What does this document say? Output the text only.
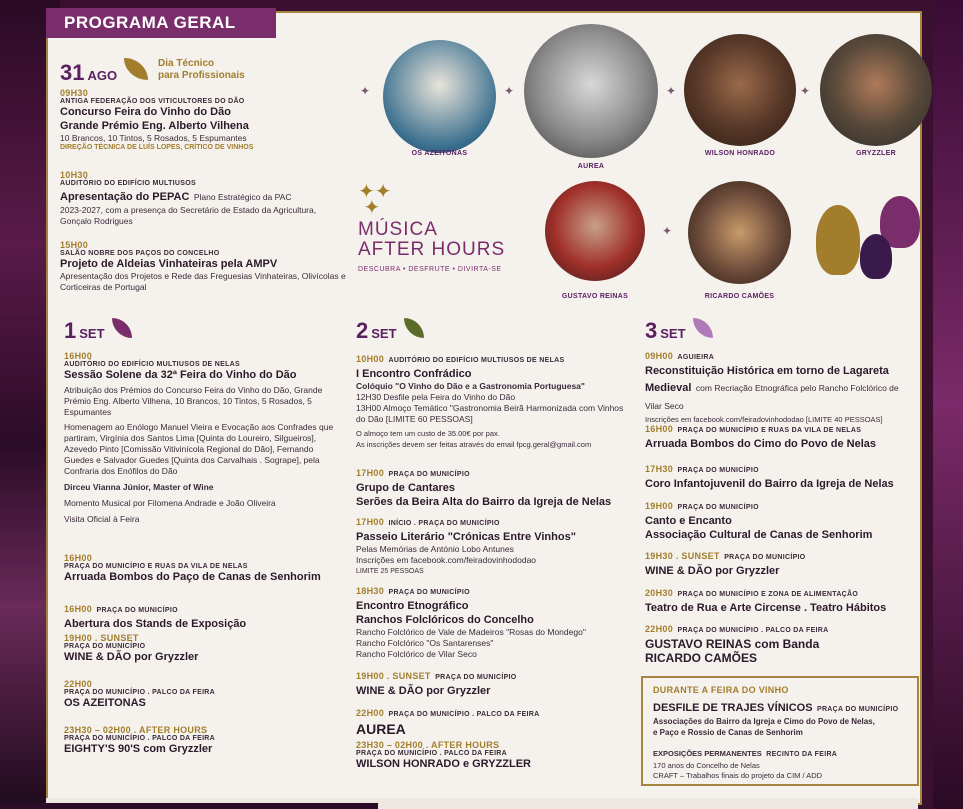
PROGRAMA GERAL
31 AGO
Dia Técnico
para Profissionais
09H30
ANTIGA FEDERAÇÃO DOS VITICULTORES DO DÃO
Concurso Feira do Vinho do Dão
Grande Prémio Eng. Alberto Vilhena
10 Brancos, 10 Tintos, 5 Rosados, 5 Espumantes
DIREÇÃO TÉCNICA DE LUÍS LOPES, CRÍTICO DE VINHOS
10H30
AUDITÓRIO DO EDIFÍCIO MULTIUSOS
Apresentação do PEPAC Plano Estratégico da PAC
2023-2027, com a presença do Secretário de Estado da Agricultura, Gonçalo Rodrigues
15H00
SALÃO NOBRE DOS PAÇOS DO CONCELHO
Projeto de Aldeias Vinhateiras pela AMPV
Apresentação dos Projetos e Rede das Freguesias Vinhateiras, Olivícolas e Corticeiras de Portugal
✦
OS AZEITONAS
✦
AUREA
✦
WILSON HONRADO
✦
GRYZZLER
✦✦
✦
MÚSICA
AFTER HOURS
DESCUBRA • DESFRUTE • DIVIRTA-SE
GUSTAVO REINAS
✦
RICARDO CAMÕES
1 SET
16H00
AUDITÓRIO DO EDIFÍCIO MULTIUSOS DE NELAS
Sessão Solene da 32ª Feira do Vinho do Dão
Atribuição dos Prémios do Concurso Feira do Vinho do Dão, Grande Prémio Eng. Alberto Vilhena, 10 Brancos, 10 Tintos, 5 Rosados, 5 Espumantes
Homenagem ao Enólogo Manuel Vieira e Evocação aos Confrades que partiram, Virgínia dos Santos Lima [Quinta do Loureiro, Silgueiros], Azevedo Pinto [Comissão Vitivinícola Regional do Dão], Fernando Guedes e Salvador Guedes [Quinta dos Carvalhais . Sogrape], pela Confraria dos Enófilos do Dão
Dirceu Vianna Júnior, Master of Wine
Momento Musical por Filomena Andrade e João Oliveira
Visita Oficial à Feira
16H00
PRAÇA DO MUNICÍPIO E RUAS DA VILA DE NELAS
Arruada Bombos do Paço de Canas de Senhorim
16H00 PRAÇA DO MUNICÍPIO
Abertura dos Stands de Exposição
19H00 . SUNSET
PRAÇA DO MUNICÍPIO
WINE & DÃO por Gryzzler
22H00
PRAÇA DO MUNICÍPIO . PALCO DA FEIRA
OS AZEITONAS
23H30 – 02H00 . AFTER HOURS
PRAÇA DO MUNICÍPIO . PALCO DA FEIRA
EIGHTY'S 90'S com Gryzzler
2 SET
10H00 AUDITÓRIO DO EDIFÍCIO MULTIUSOS DE NELAS
I Encontro Confrádico
Colóquio "O Vinho do Dão e a Gastronomia Portuguesa"
12H30 Desfile pela Feira do Vinho do Dão
13H00 Almoço Temático "Gastronomia Beirã Harmonizada com Vinhos do Dão [LIMITE 60 PESSOAS]
O almoço tem um custo de 35.00€ por pax.
As inscrições devem ser feitas através do email fpcg.geral@gmail.com
17H00 PRAÇA DO MUNICÍPIO
Grupo de Cantares
Serões da Beira Alta do Bairro da Igreja de Nelas
17H00 INÍCIO . PRAÇA DO MUNICÍPIO
Passeio Literário "Crónicas Entre Vinhos"
Pelas Memórias de António Lobo Antunes
Inscrições em facebook.com/feiradovinhododao
LIMITE 25 PESSOAS
18H30 PRAÇA DO MUNICÍPIO
Encontro Etnográfico
Ranchos Folclóricos do Concelho
Rancho Folclórico de Vale de Madeiros "Rosas do Mondego"
Rancho Folclórico "Os Santarenses"
Rancho Folclórico de Vilar Seco
19H00 . SUNSET PRAÇA DO MUNICÍPIO
WINE & DÃO por Gryzzler
22H00 PRAÇA DO MUNICÍPIO . PALCO DA FEIRA
AUREA
23H30 – 02H00 . AFTER HOURS
PRAÇA DO MUNICÍPIO . PALCO DA FEIRA
WILSON HONRADO e GRYZZLER
3 SET
09H00 AGUIEIRA
Reconstituição Histórica em torno de Lagareta
Medieval com Recriação Etnográfica pelo Rancho Folclórico de Vilar Seco
Inscrições em facebook.com/feiradovinhododao [LIMITE 40 PESSOAS]
16H00 PRAÇA DO MUNICÍPIO E RUAS DA VILA DE NELAS
Arruada Bombos do Cimo do Povo de Nelas
17H30 PRAÇA DO MUNICÍPIO
Coro Infantojuvenil do Bairro da Igreja de Nelas
19H00 PRAÇA DO MUNICÍPIO
Canto e Encanto
Associação Cultural de Canas de Senhorim
19H30 . SUNSET PRAÇA DO MUNICÍPIO
WINE & DÃO por Gryzzler
20H30 PRAÇA DO MUNICÍPIO E ZONA DE ALIMENTAÇÃO
Teatro de Rua e Arte Circense . Teatro Hábitos
22H00 PRAÇA DO MUNICÍPIO . PALCO DA FEIRA
GUSTAVO REINAS com Banda
RICARDO CAMÕES
DURANTE A FEIRA DO VINHO
DESFILE DE TRAJES VÍNICOS PRAÇA DO MUNICÍPIO
Associações do Bairro da Igreja e Cimo do Povo de Nelas,
e Paço e Rossio de Canas de Senhorim
EXPOSIÇÕES PERMANENTES RECINTO DA FEIRA
170 anos do Concelho de Nelas
CRAFT – Trabalhos finais do projeto da CIM / ADD
